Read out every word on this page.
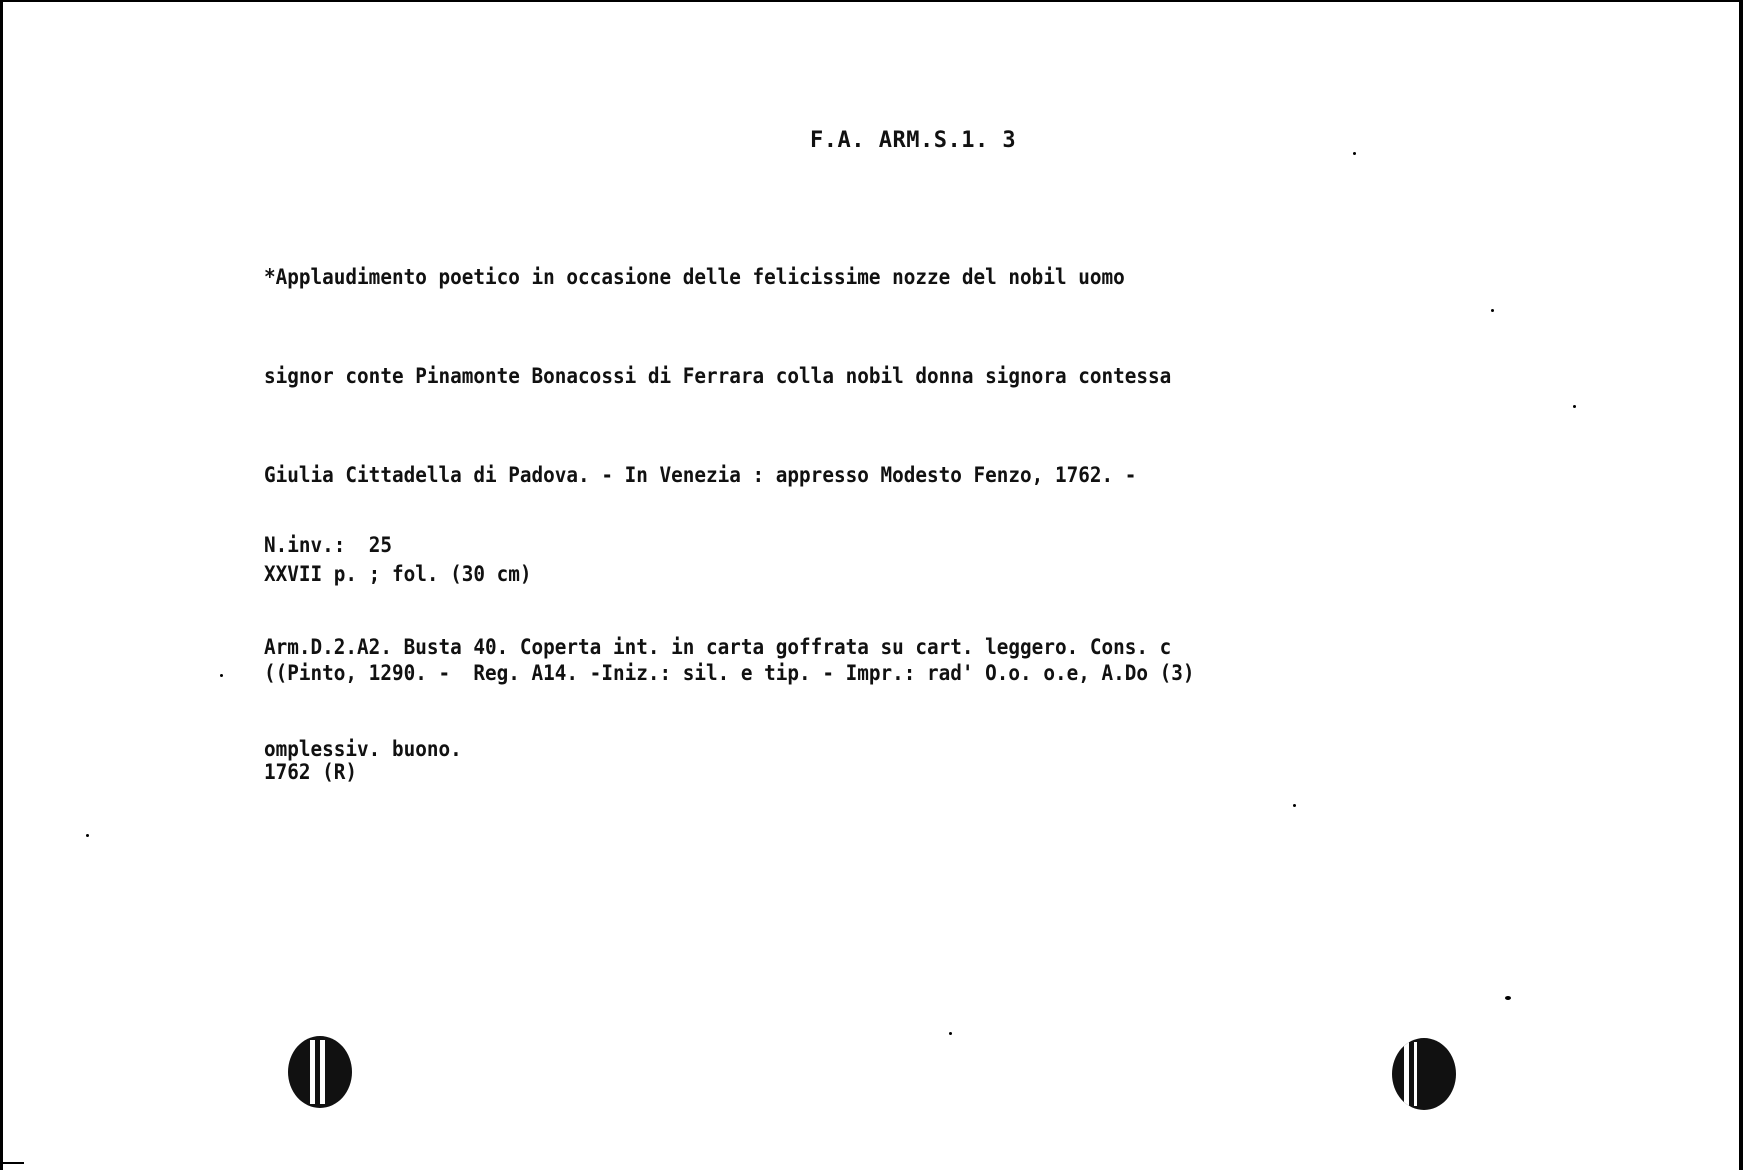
F.A. ARM.S.1. 3

*Applaudimento poetico in occasione delle felicissime nozze del nobil uomo

signor conte Pinamonte Bonacossi di Ferrara colla nobil donna signora contessa

Giulia Cittadella di Padova. - In Venezia : appresso Modesto Fenzo, 1762. -

XXVII p. ; fol. (30 cm)

((Pinto, 1290. -  Reg. A14. -Iniz.: sil. e tip. - Impr.: rad' O.o. o.e, A.Do (3)

1762 (R)

N.inv.: 25

Arm.D.2.A2. Busta 40. Coperta int. in carta goffrata su cart. leggero. Cons. c

omplessiv. buono.
